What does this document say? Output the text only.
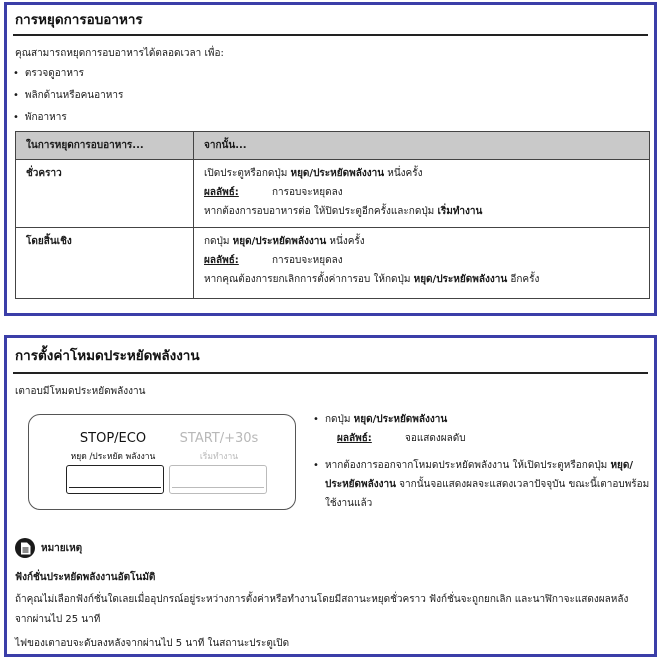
การหยุดการอบอาหาร
คุณสามารถหยุดการอบอาหารได้ตลอดเวลา เพื่อ:
• ตรวจดูอาหาร
• พลิกด้านหรือคนอาหาร
• พักอาหาร
ในการหยุดการอบอาหาร...	จากนั้น...
ชั่วคราว	เปิดประตูหรือกดปุ่ม หยุด/ประหยัดพลังงาน หนึ่งครั้ง
ผลลัพธ์: การอบจะหยุดลง
หากต้องการอบอาหารต่อ ให้ปิดประตูอีกครั้งและกดปุ่ม เริ่มทำงาน

โดยสิ้นเชิง	กดปุ่ม หยุด/ประหยัดพลังงาน หนึ่งครั้ง
ผลลัพธ์: การอบจะหยุดลง
หากคุณต้องการยกเลิกการตั้งค่าการอบ ให้กดปุ่ม หยุด/ประหยัดพลังงาน อีกครั้ง
การตั้งค่าโหมดประหยัดพลังงาน
เตาอบมีโหมดประหยัดพลังงาน
STOP/ECO
หยุด /ประหยัด พลังงาน
START/+30s
เริ่มทำงาน
• กดปุ่ม หยุด/ประหยัดพลังงาน
ผลลัพธ์:	จอแสดงผลดับ
• หากต้องการออกจากโหมดประหยัดพลังงาน ให้เปิดประตูหรือกดปุ่ม หยุด/ประหยัดพลังงาน จากนั้นจอแสดงผลจะแสดงเวลาปัจจุบัน ขณะนี้เตาอบพร้อมใช้งานแล้ว
หมายเหตุ
ฟังก์ชั่นประหยัดพลังงานอัตโนมัติ
ถ้าคุณไม่เลือกฟังก์ชั่นใดเลยเมื่ออุปกรณ์อยู่ระหว่างการตั้งค่าหรือทำงานโดยมีสถานะหยุดชั่วคราว ฟังก์ชั่นจะถูกยกเลิก และนาฬิกาจะแสดงผลหลังจากผ่านไป 25 นาที
ไฟของเตาอบจะดับลงหลังจากผ่านไป 5 นาที ในสถานะประตูเปิด
